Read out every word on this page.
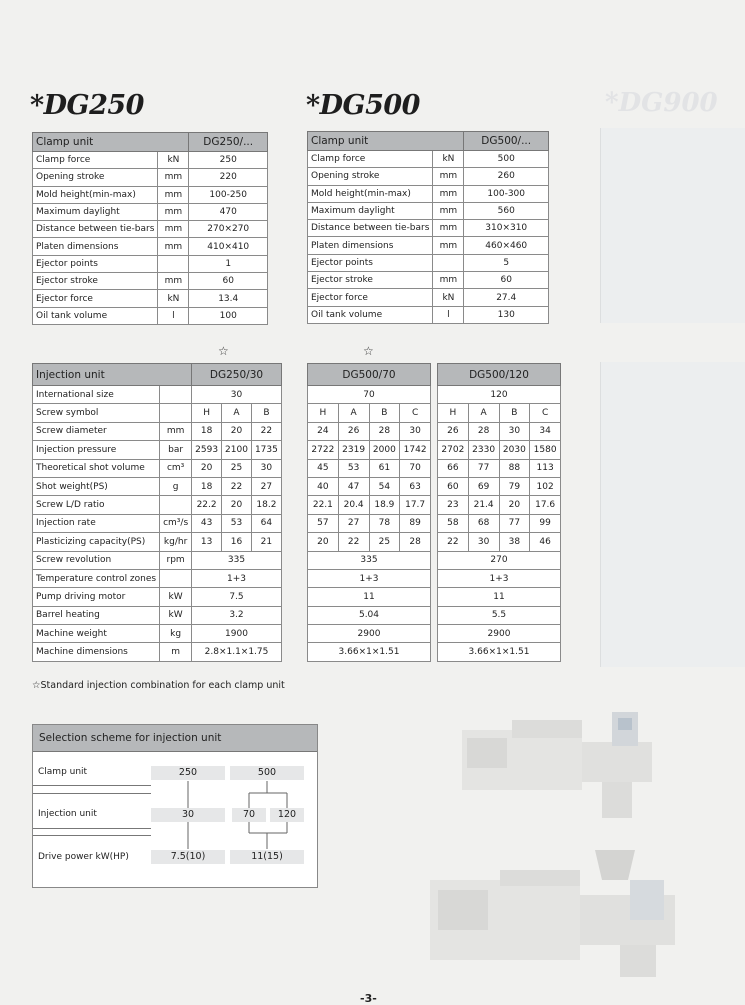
*DG900
*DG250	*DG500
Clamp unit		DG250/...
Clamp force	kN	250
Opening stroke	mm	220
Mold height(min-max)	mm	100-250
Maximum daylight	mm	470
Distance between tie-bars	mm	270×270
Platen dimensions	mm	410×410
Ejector points		1
Ejector stroke	mm	60
Ejector force	kN	13.4
Oil tank volume	l	100
Clamp unit		DG500/...
Clamp force	kN	500
Opening stroke	mm	260
Mold height(min-max)	mm	100-300
Maximum daylight	mm	560
Distance between tie-bars	mm	310×310
Platen dimensions	mm	460×460
Ejector points		5
Ejector stroke	mm	60
Ejector force	kN	27.4
Oil tank volume	l	130
☆	☆
Injection unit		DG250/30		
International size		30		
Screw symbol		H	A	B
Screw diameter	mm	18	20	22
Injection pressure	bar	2593	2100	1735
Theoretical shot volume	cm³	20	25	30
Shot weight(PS)	g	18	22	27
Screw L/D ratio		22.2	20	18.2
Injection rate	cm³/s	43	53	64
Plasticizing capacity(PS)	kg/hr	13	16	21
Screw revolution	rpm	335		
Temperature control zones		1+3		
Pump driving motor	kW	7.5		
Barrel heating	kW	3.2		
Machine weight	kg	1900		
Machine dimensions	m	2.8×1.1×1.75		
DG500/70			
70			
H	A	B	C
24	26	28	30
2722	2319	2000	1742
45	53	61	70
40	47	54	63
22.1	20.4	18.9	17.7
57	27	78	89
20	22	25	28
335			
1+3			
11			
5.04			
2900			
3.66×1×1.51			
DG500/120			
120			
H	A	B	C
26	28	30	34
2702	2330	2030	1580
66	77	88	113
60	69	79	102
23	21.4	20	17.6
58	68	77	99
22	30	38	46
270			
1+3			
11			
5.5			
2900			
3.66×1×1.51			
☆Standard injection combination for each clamp unit
Selection scheme for injection unit
Clamp unit	250	500
Injection unit	30	70	120
Drive power kW(HP)	7.5(10)	11(15)
-3-
